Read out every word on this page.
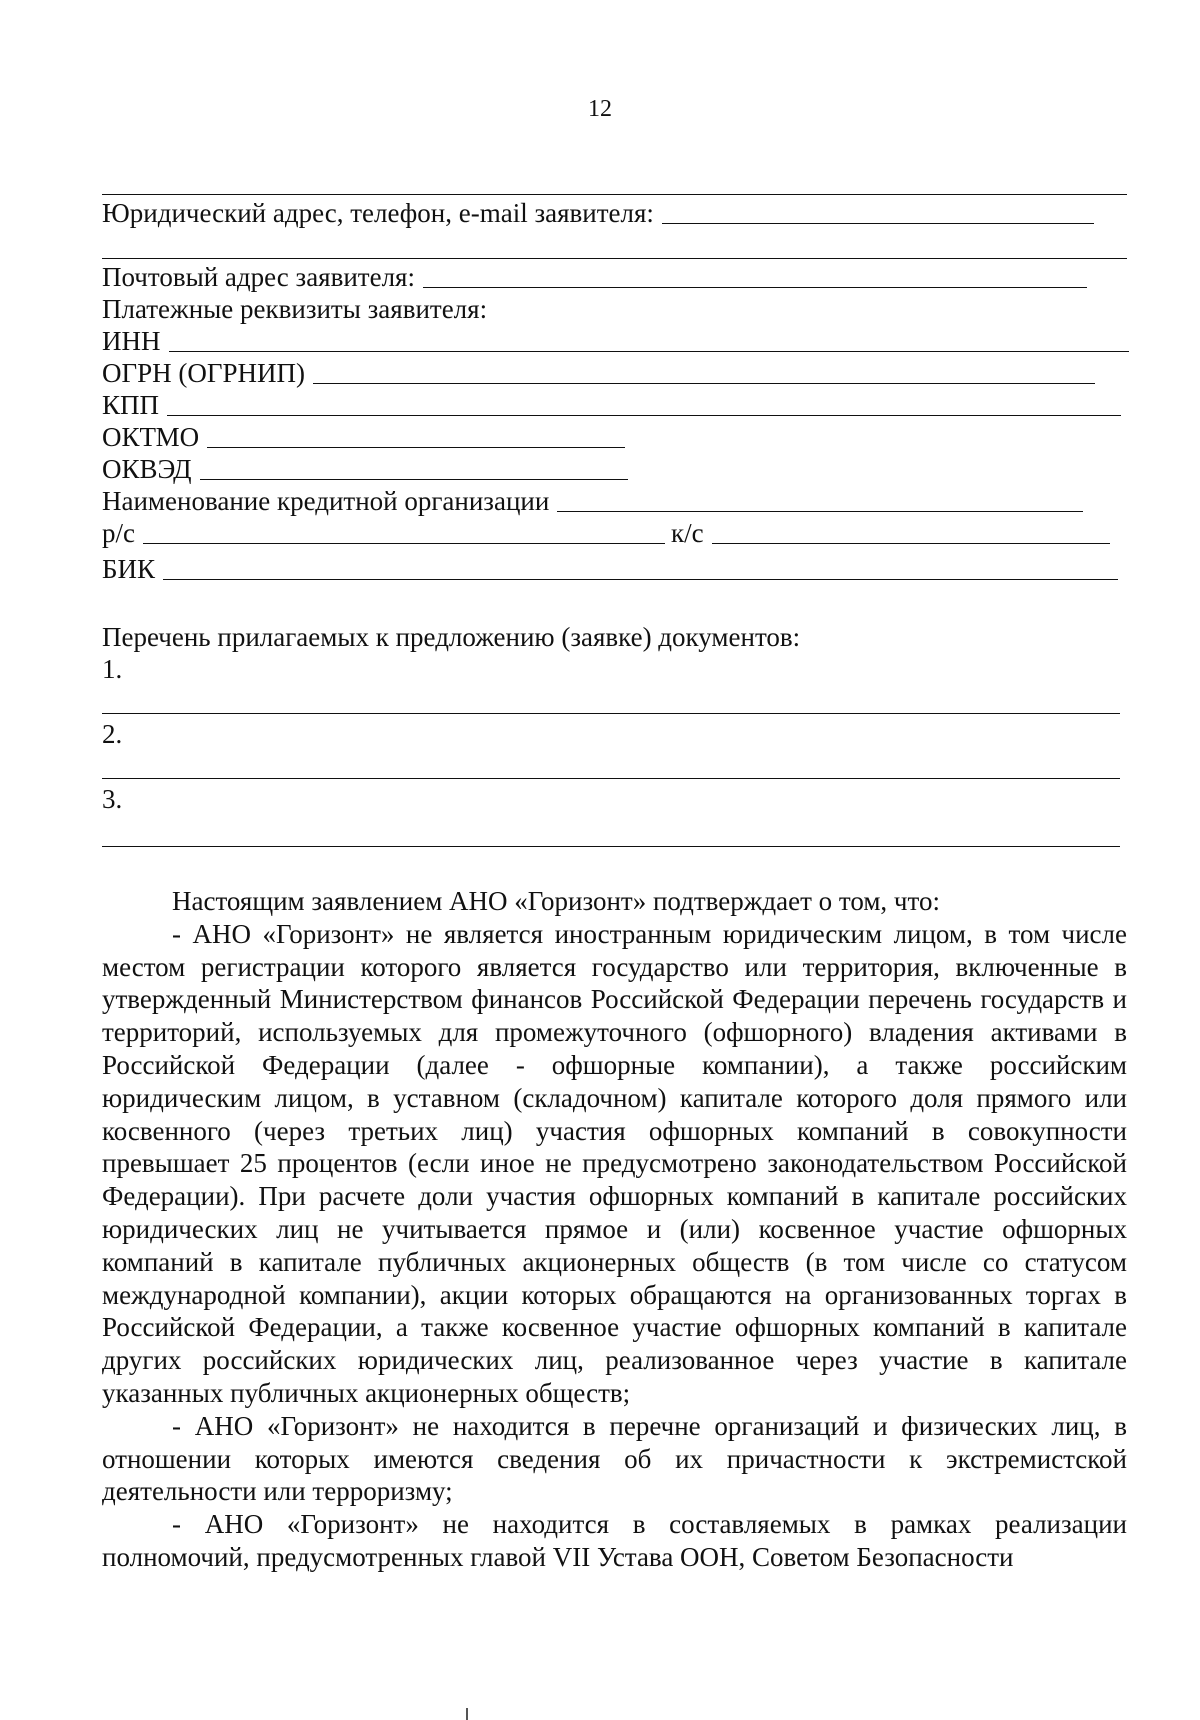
12
Юридический адрес, телефон, e-mail заявителя:
Почтовый адрес заявителя:
Платежные реквизиты заявителя:
ИНН
ОГРН (ОГРНИП)
КПП
ОКТМО
ОКВЭД
Наименование кредитной организации
р/с	к/с
БИК
Перечень прилагаемых к предложению (заявке) документов:
1.
2.
3.

Настоящим заявлением АНО «Горизонт» подтверждает о том, что:

- АНО «Горизонт» не является иностранным юридическим лицом, в том числе местом регистрации которого является государство или территория, включенные в утвержденный Министерством финансов Российской Федерации перечень государств и территорий, используемых для промежуточного (офшорного) владения активами в Российской Федерации (далее - офшорные компании), а также российским юридическим лицом, в уставном (складочном) капитале которого доля прямого или косвенного (через третьих лиц) участия офшорных компаний в совокупности превышает 25 процентов (если иное не предусмотрено законодательством Российской Федерации). При расчете доли участия офшорных компаний в капитале российских юридических лиц не учитывается прямое и (или) косвенное участие офшорных компаний в капитале публичных акционерных обществ (в том числе со статусом международной компании), акции которых обращаются на организованных торгах в Российской Федерации, а также косвенное участие офшорных компаний в капитале других российских юридических лиц, реализованное через участие в капитале указанных публичных акционерных обществ;

- АНО «Горизонт» не находится в перечне организаций и физических лиц, в отношении которых имеются сведения об их причастности к экстремистской деятельности или терроризму;

- АНО «Горизонт» не находится в составляемых в рамках реализации полномочий, предусмотренных главой VII Устава ООН, Советом Безопасности
